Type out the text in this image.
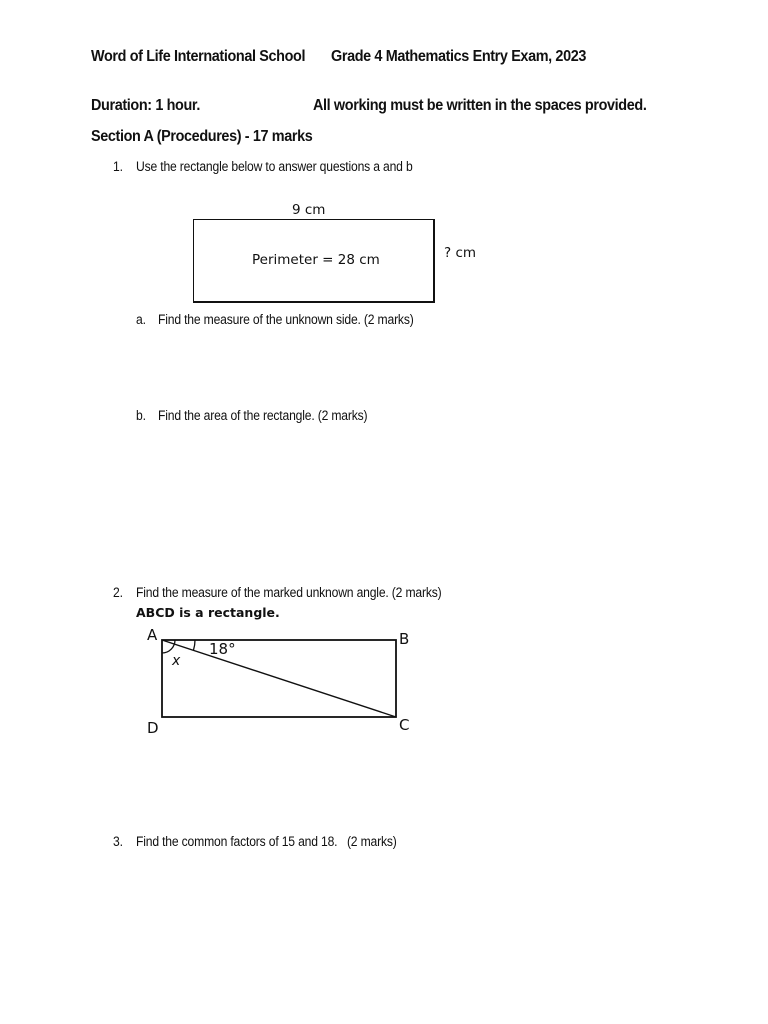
Word of Life International School Grade 4 Mathematics Entry Exam, 2023
Duration: 1 hour.	All working must be written in the spaces provided.
Section A (Procedures) - 17 marks
1. Use the rectangle below to answer questions a and b
9 cm
Perimeter = 28 cm	? cm
a. Find the measure of the unknown side. (2 marks)
b. Find the area of the rectangle. (2 marks)
2. Find the measure of the marked unknown angle. (2 marks)
ABCD is a rectangle.
A	B
C
D
18°
x
3. Find the common factors of 15 and 18.   (2 marks)
